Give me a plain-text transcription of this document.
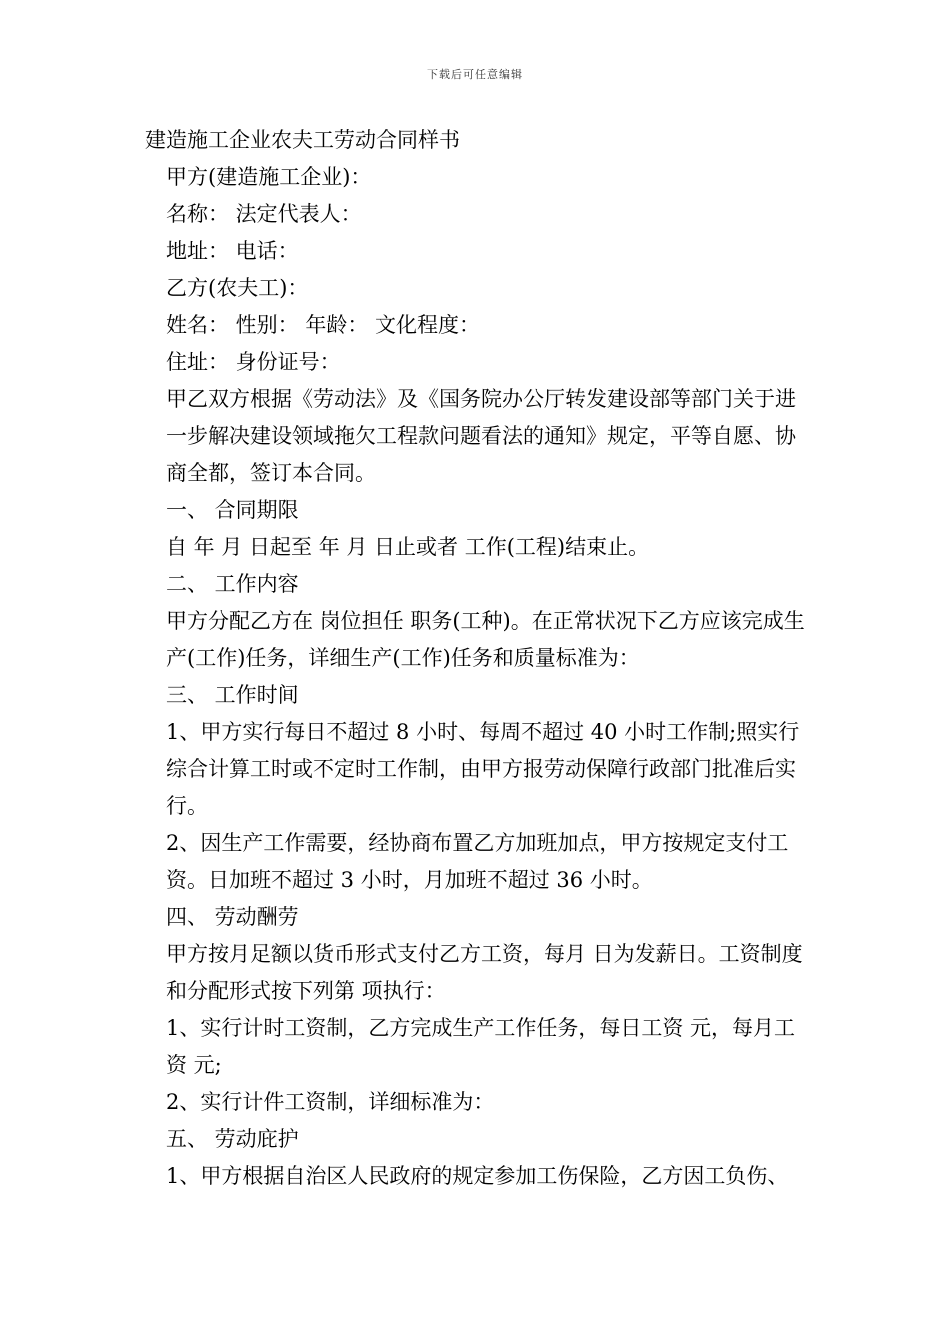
下载后可任意编辑

建造施工企业农夫工劳动合同样书

甲方(建造施工企业)：

名称： 法定代表人：

地址： 电话：

乙方(农夫工)：

姓名： 性别： 年龄： 文化程度：

住址： 身份证号：

甲乙双方根据《劳动法》及《国务院办公厅转发建设部等部门关于进一步解决建设领域拖欠工程款问题看法的通知》规定，平等自愿、协商全都，签订本合同。

一、 合同期限

自 年 月 日起至 年 月 日止或者 工作(工程)结束止。

二、 工作内容

甲方分配乙方在 岗位担任 职务(工种)。在正常状况下乙方应该完成生产(工作)任务，详细生产(工作)任务和质量标准为：

三、 工作时间

1、甲方实行每日不超过 8 小时、每周不超过 40 小时工作制;照实行综合计算工时或不定时工作制，由甲方报劳动保障行政部门批准后实行。

2、因生产工作需要，经协商布置乙方加班加点，甲方按规定支付工资。日加班不超过 3 小时，月加班不超过 36 小时。

四、 劳动酬劳

甲方按月足额以货币形式支付乙方工资，每月 日为发薪日。工资制度和分配形式按下列第 项执行：

1、实行计时工资制，乙方完成生产工作任务，每日工资 元，每月工资 元;

2、实行计件工资制，详细标准为：

五、 劳动庇护

1、甲方根据自治区人民政府的规定参加工伤保险，乙方因工负伤、
